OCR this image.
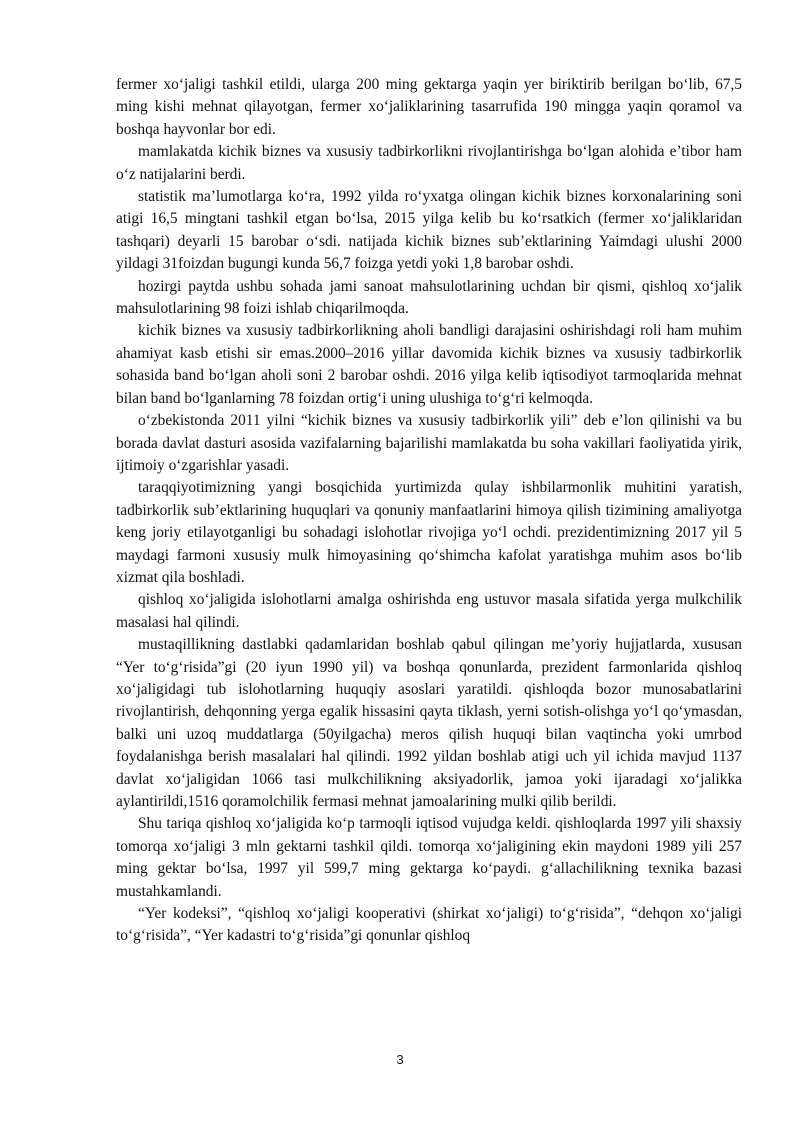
fermer xo‘jaligi tashkil etildi, ularga 200 ming gektarga yaqin yer biriktirib berilgan bo‘lib, 67,5 ming kishi mehnat qilayotgan, fermer xo‘jaliklarining tasarrufida 190 mingga yaqin qoramol va boshqa hayvonlar bor edi.

mamlakatda kichik biznes va xususiy tadbirkorlikni rivojlantirishga bo‘lgan alohida e’tibor ham o‘z natijalarini berdi.

statistik ma’lumotlarga ko‘ra, 1992 yilda ro‘yxatga olingan kichik biznes korxonalarining soni atigi 16,5 mingtani tashkil etgan bo‘lsa, 2015 yilga kelib bu ko‘rsatkich (fermer xo‘jaliklaridan tashqari) deyarli 15 barobar o‘sdi. natijada kichik biznes sub’ektlarining Yaimdagi ulushi 2000 yildagi 31foizdan bugungi kunda 56,7 foizga yetdi yoki 1,8 barobar oshdi.

hozirgi paytda ushbu sohada jami sanoat mahsulotlarining uchdan bir qismi, qishloq xo‘jalik mahsulotlarining 98 foizi ishlab chiqarilmoqda.

kichik biznes va xususiy tadbirkorlikning aholi bandligi darajasini oshirishdagi roli ham muhim ahamiyat kasb etishi sir emas.2000–2016 yillar davomida kichik biznes va xususiy tadbirkorlik sohasida band bo‘lgan aholi soni 2 barobar oshdi. 2016 yilga kelib iqtisodiyot tarmoqlarida mehnat bilan band bo‘lganlarning 78 foizdan ortig‘i uning ulushiga to‘g‘ri kelmoqda.

o‘zbekistonda 2011 yilni “kichik biznes va xususiy tadbirkorlik yili” deb e’lon qilinishi va bu borada davlat dasturi asosida vazifalarning bajarilishi mamlakatda bu soha vakillari faoliyatida yirik, ijtimoiy o‘zgarishlar yasadi.

taraqqiyotimizning yangi bosqichida yurtimizda qulay ishbilarmonlik muhitini yaratish, tadbirkorlik sub’ektlarining huquqlari va qonuniy manfaatlarini himoya qilish tizimining amaliyotga keng joriy etilayotganligi bu sohadagi islohotlar rivojiga yo‘l ochdi. prezidentimizning 2017 yil 5 maydagi farmoni xususiy mulk himoyasining qo‘shimcha kafolat yaratishga muhim asos bo‘lib xizmat qila boshladi.

qishloq xo‘jaligida islohotlarni amalga oshirishda eng ustuvor masala sifatida yerga mulkchilik masalasi hal qilindi.

mustaqillikning dastlabki qadamlaridan boshlab qabul qilingan me’yoriy hujjatlarda, xususan “Yer to‘g‘risida”gi (20 iyun 1990 yil) va boshqa qonunlarda, prezident farmonlarida qishloq xo‘jaligidagi tub islohotlarning huquqiy asoslari yaratildi. qishloqda bozor munosabatlarini rivojlantirish, dehqonning yerga egalik hissasini qayta tiklash, yerni sotish-olishga yo‘l qo‘ymasdan, balki uni uzoq muddatlarga (50yilgacha) meros qilish huquqi bilan vaqtincha yoki umrbod foydalanishga berish masalalari hal qilindi. 1992 yildan boshlab atigi uch yil ichida mavjud 1137 davlat xo‘jaligidan 1066 tasi mulkchilikning aksiyadorlik, jamoa yoki ijaradagi xo‘jalikka aylantirildi,1516 qoramolchilik fermasi mehnat jamoalarining mulki qilib berildi.

Shu tariqa qishloq xo‘jaligida ko‘p tarmoqli iqtisod vujudga keldi. qishloqlarda 1997 yili shaxsiy tomorqa xo‘jaligi 3 mln gektarni tashkil qildi. tomorqa xo‘jaligining ekin maydoni 1989 yili 257 ming gektar bo‘lsa, 1997 yil 599,7 ming gektarga ko‘paydi. g‘allachilikning texnika bazasi mustahkamlandi.

“Yer kodeksi”, “qishloq xo‘jaligi kooperativi (shirkat xo‘jaligi) to‘g‘risida”, “dehqon xo‘jaligi to‘g‘risida”, “Yer kadastri to‘g‘risida”gi qonunlar qishloq

3
